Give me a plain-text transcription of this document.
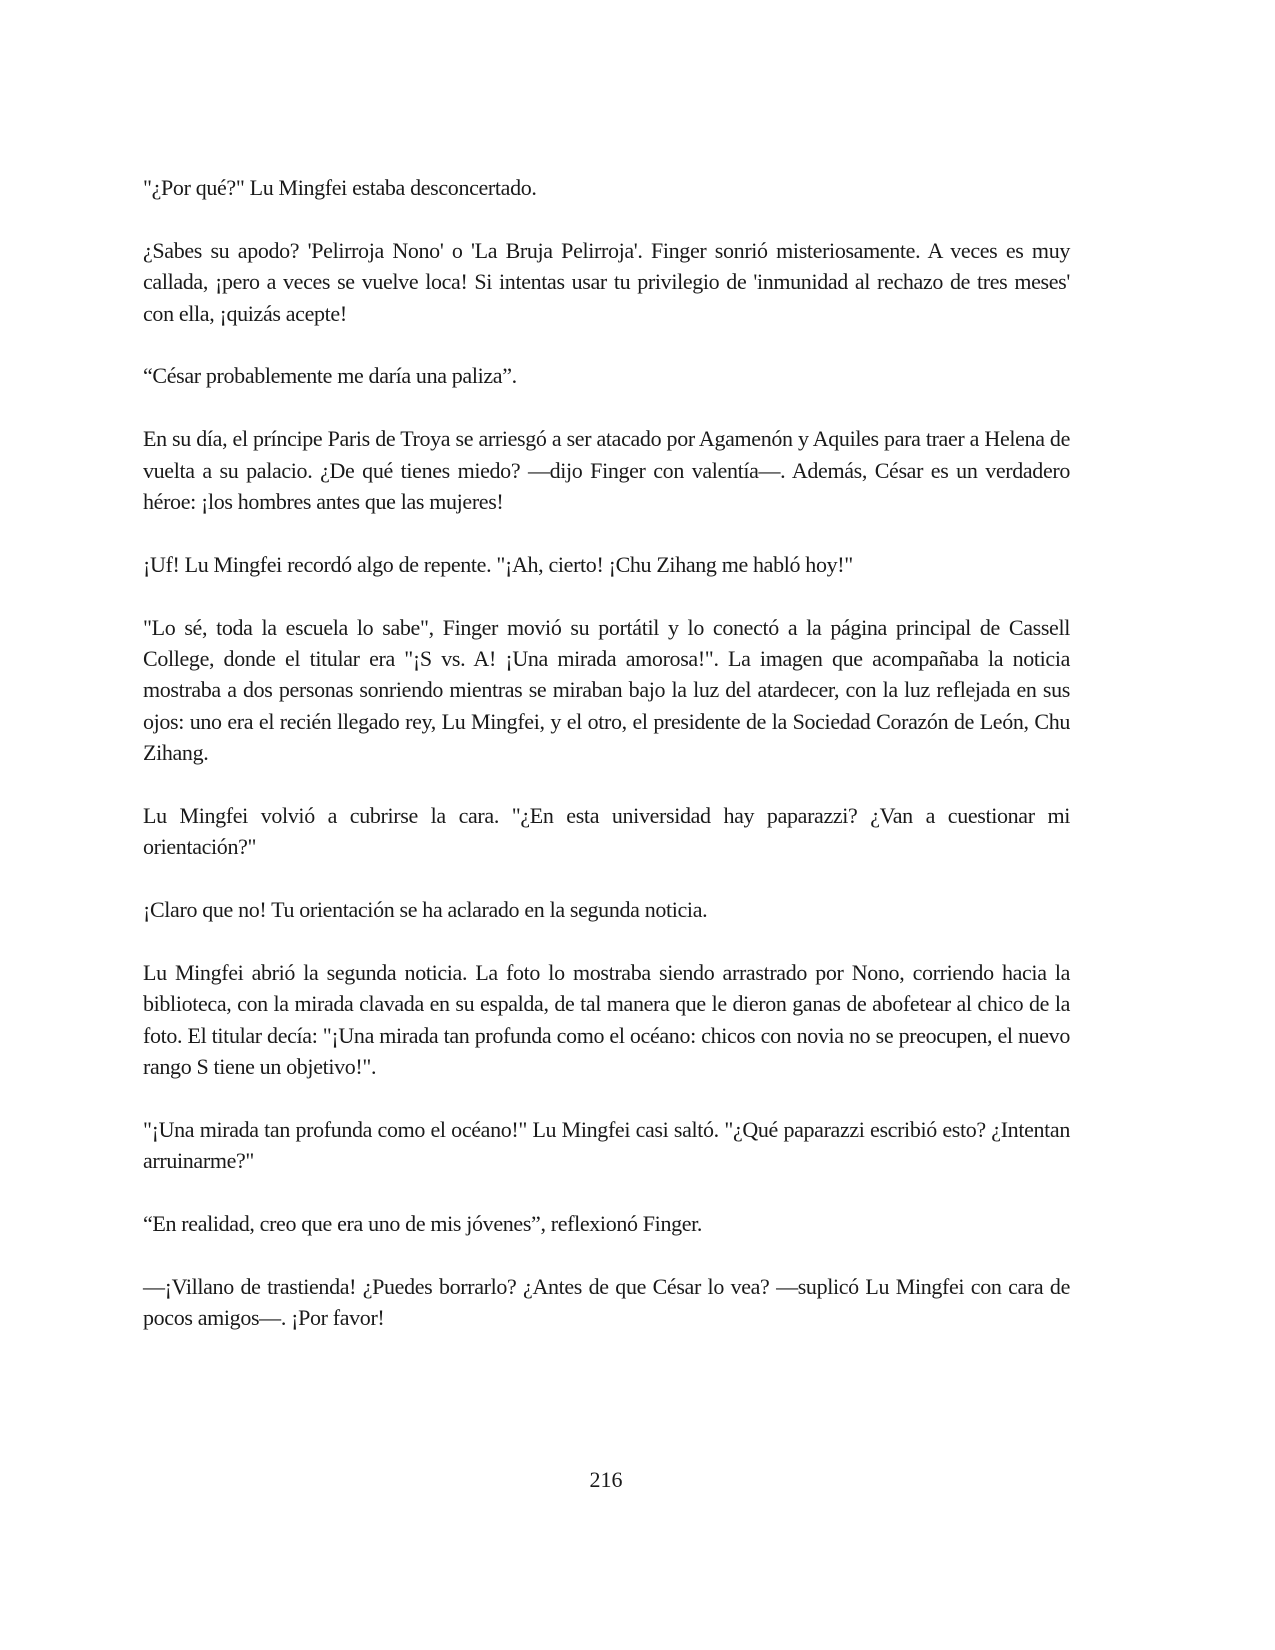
"¿Por qué?" Lu Mingfei estaba desconcertado.

¿Sabes su apodo? 'Pelirroja Nono' o 'La Bruja Pelirroja'. Finger sonrió misteriosamente. A veces es muy callada, ¡pero a veces se vuelve loca! Si intentas usar tu privilegio de 'inmunidad al rechazo de tres meses' con ella, ¡quizás acepte!

“César probablemente me daría una paliza”.

En su día, el príncipe Paris de Troya se arriesgó a ser atacado por Agamenón y Aquiles para traer a Helena de vuelta a su palacio. ¿De qué tienes miedo? —dijo Finger con valentía—. Además, César es un verdadero héroe: ¡los hombres antes que las mujeres!

¡Uf! Lu Mingfei recordó algo de repente. "¡Ah, cierto! ¡Chu Zihang me habló hoy!"

"Lo sé, toda la escuela lo sabe", Finger movió su portátil y lo conectó a la página principal de Cassell College, donde el titular era "¡S vs. A! ¡Una mirada amorosa!". La imagen que acompañaba la noticia mostraba a dos personas sonriendo mientras se miraban bajo la luz del atardecer, con la luz reflejada en sus ojos: uno era el recién llegado rey, Lu Mingfei, y el otro, el presidente de la Sociedad Corazón de León, Chu Zihang.

Lu Mingfei volvió a cubrirse la cara. "¿En esta universidad hay paparazzi? ¿Van a cuestionar mi orientación?"

¡Claro que no! Tu orientación se ha aclarado en la segunda noticia.

Lu Mingfei abrió la segunda noticia. La foto lo mostraba siendo arrastrado por Nono, corriendo hacia la biblioteca, con la mirada clavada en su espalda, de tal manera que le dieron ganas de abofetear al chico de la foto. El titular decía: "¡Una mirada tan profunda como el océano: chicos con novia no se preocupen, el nuevo rango S tiene un objetivo!".

"¡Una mirada tan profunda como el océano!" Lu Mingfei casi saltó. "¿Qué paparazzi escribió esto? ¿Intentan arruinarme?"

“En realidad, creo que era uno de mis jóvenes”, reflexionó Finger.

—¡Villano de trastienda! ¿Puedes borrarlo? ¿Antes de que César lo vea? —suplicó Lu Mingfei con cara de pocos amigos—. ¡Por favor!

216
